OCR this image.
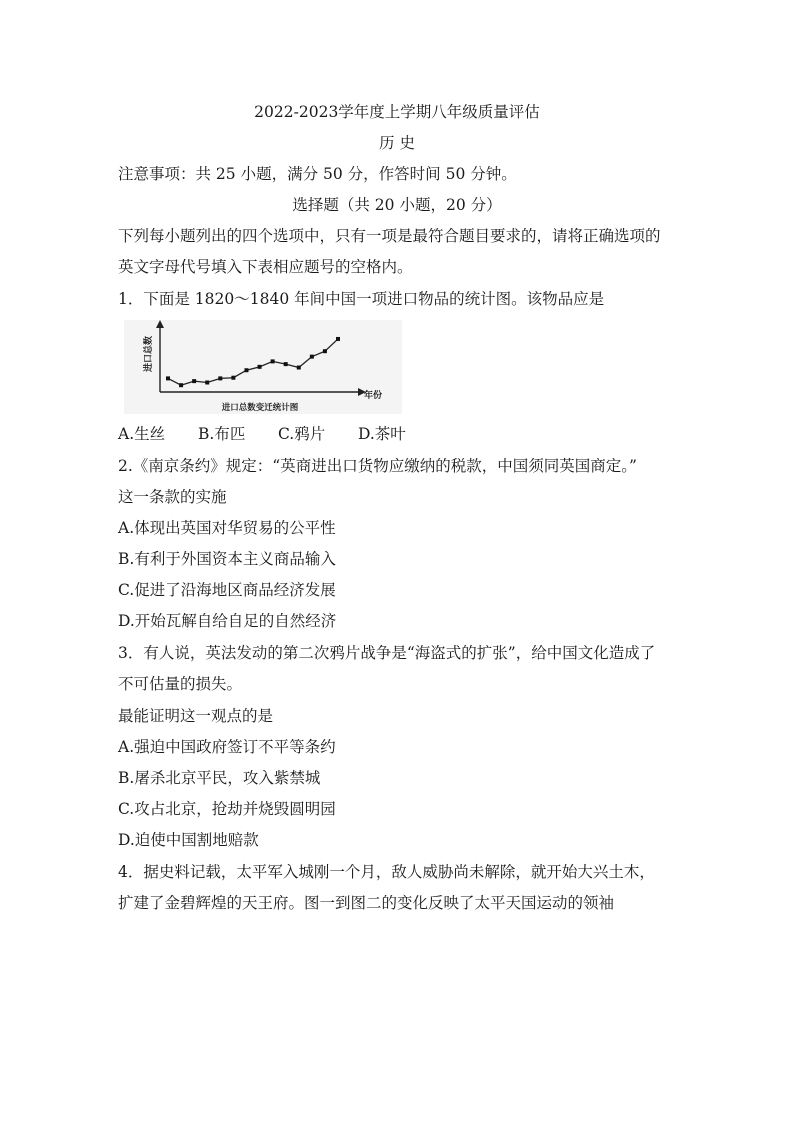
2022-2023学年度上学期八年级质量评估
历 史
注意事项：共 25 小题，满分 50 分，作答时间 50 分钟。
选择题（共 20 小题，20 分）
下列每小题列出的四个选项中，只有一项是最符合题目要求的，请将正确选项的
英文字母代号填入下表相应题号的空格内。
1．下面是 1820～1840 年间中国一项进口物品的统计图。该物品应是
进口总数
年份
进口总数变迁统计图
A.生丝 B.布匹 C.鸦片 D.茶叶
2.《南京条约》规定：“英商进出口货物应缴纳的税款，中国须同英国商定。”
这一条款的实施
A.体现出英国对华贸易的公平性
B.有利于外国资本主义商品输入
C.促进了沿海地区商品经济发展
D.开始瓦解自给自足的自然经济
3．有人说，英法发动的第二次鸦片战争是“海盗式的扩张”，给中国文化造成了
不可估量的损失。
最能证明这一观点的是
A.强迫中国政府签订不平等条约
B.屠杀北京平民，攻入紫禁城
C.攻占北京，抢劫并烧毁圆明园
D.迫使中国割地赔款
4．据史料记载，太平军入城刚一个月，敌人威胁尚未解除，就开始大兴土木，
扩建了金碧辉煌的天王府。图一到图二的变化反映了太平天国运动的领袖
